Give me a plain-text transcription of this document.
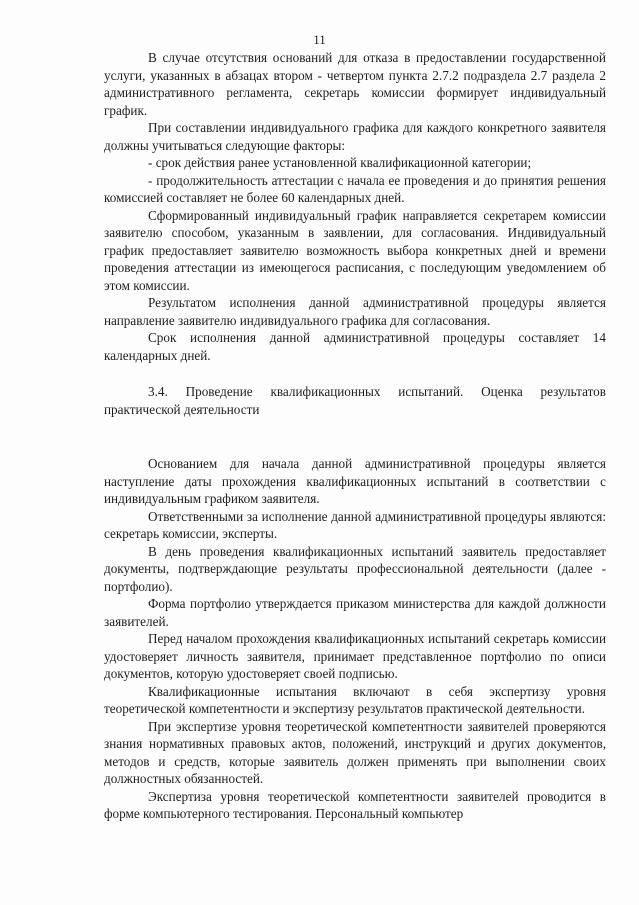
11

В случае отсутствия оснований для отказа в предоставлении государственной услуги, указанных в абзацах втором - четвертом пункта 2.7.2 подраздела 2.7 раздела 2 административного регламента, секретарь комиссии формирует индивидуальный график.

При составлении индивидуального графика для каждого конкретного заявителя должны учитываться следующие факторы:

- срок действия ранее установленной квалификационной категории;

- продолжительность аттестации с начала ее проведения и до принятия решения комиссией составляет не более 60 календарных дней.

Сформированный индивидуальный график направляется секретарем комиссии заявителю способом, указанным в заявлении, для согласования. Индивидуальный график предоставляет заявителю возможность выбора конкретных дней и времени проведения аттестации из имеющегося расписания, с последующим уведомлением об этом комиссии.

Результатом исполнения данной административной процедуры является направление заявителю индивидуального графика для согласования.

Срок исполнения данной административной процедуры составляет 14 календарных дней.

3.4. Проведение квалификационных испытаний. Оценка результатов практической деятельности

Основанием для начала данной административной процедуры является наступление даты прохождения квалификационных испытаний в соответствии с индивидуальным графиком заявителя.

Ответственными за исполнение данной административной процедуры являются: секретарь комиссии, эксперты.

В день проведения квалификационных испытаний заявитель предоставляет документы, подтверждающие результаты профессиональной деятельности (далее - портфолио).

Форма портфолио утверждается приказом министерства для каждой должности заявителей.

Перед началом прохождения квалификационных испытаний секретарь комиссии удостоверяет личность заявителя, принимает представленное портфолио по описи документов, которую удостоверяет своей подписью.

Квалификационные испытания включают в себя экспертизу уровня теоретической компетентности и экспертизу результатов практической деятельности.

При экспертизе уровня теоретической компетентности заявителей проверяются знания нормативных правовых актов, положений, инструкций и других документов, методов и средств, которые заявитель должен применять при выполнении своих должностных обязанностей.

Экспертиза уровня теоретической компетентности заявителей проводится в форме компьютерного тестирования. Персональный компьютер
